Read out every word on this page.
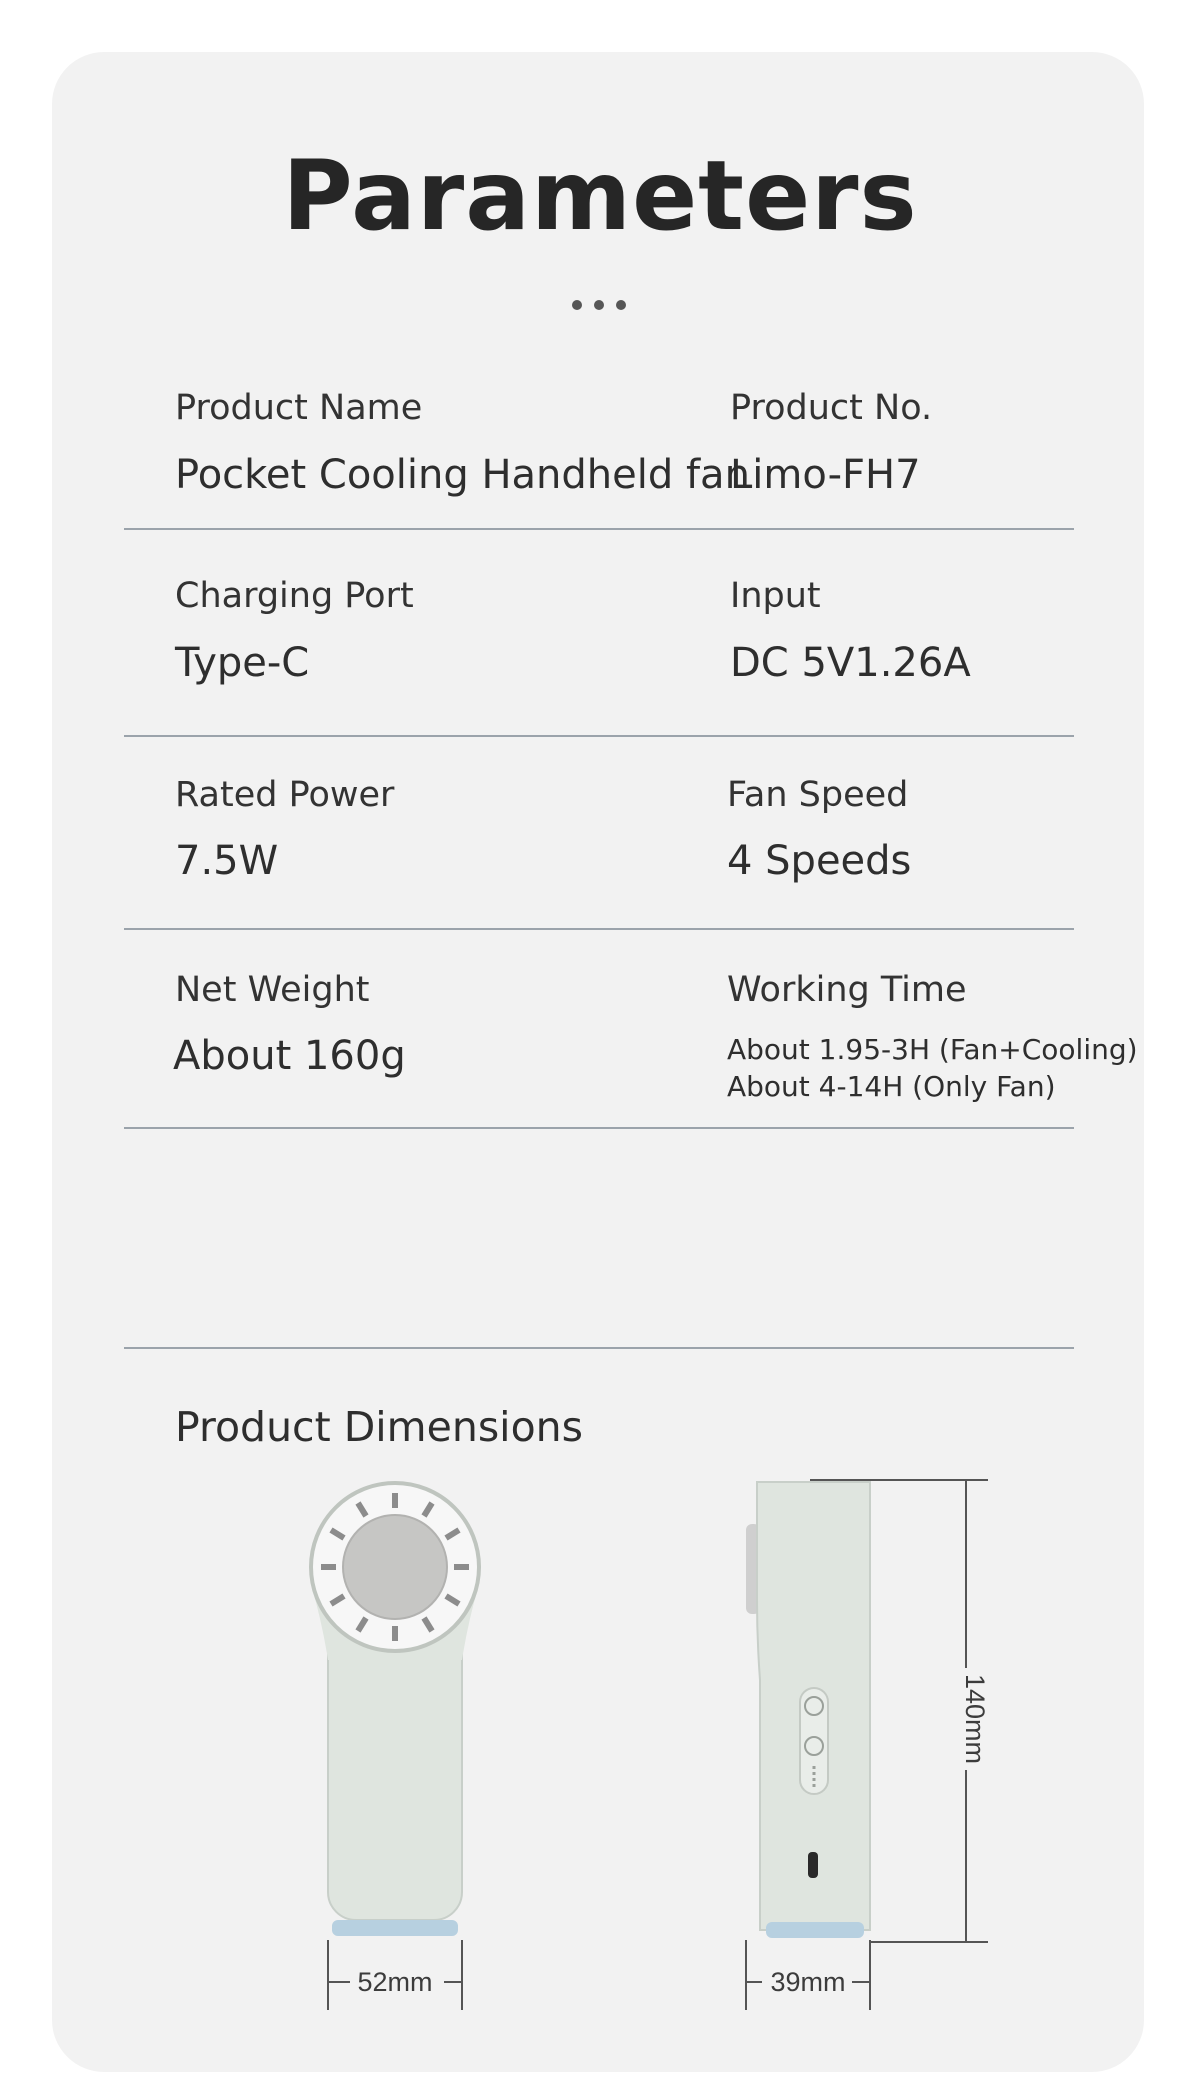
Parameters
Product Name
Pocket Cooling Handheld fan
Product No.
Limo-FH7
Charging Port
Type-C
Input
DC 5V1.26A
Rated Power
7.5W
Fan Speed
4 Speeds
Net Weight
About 160g
Working Time
About 1.95-3H (Fan+Cooling)
About 4-14H (Only Fan)
Product Dimensions
52mm	39mm
140mm
